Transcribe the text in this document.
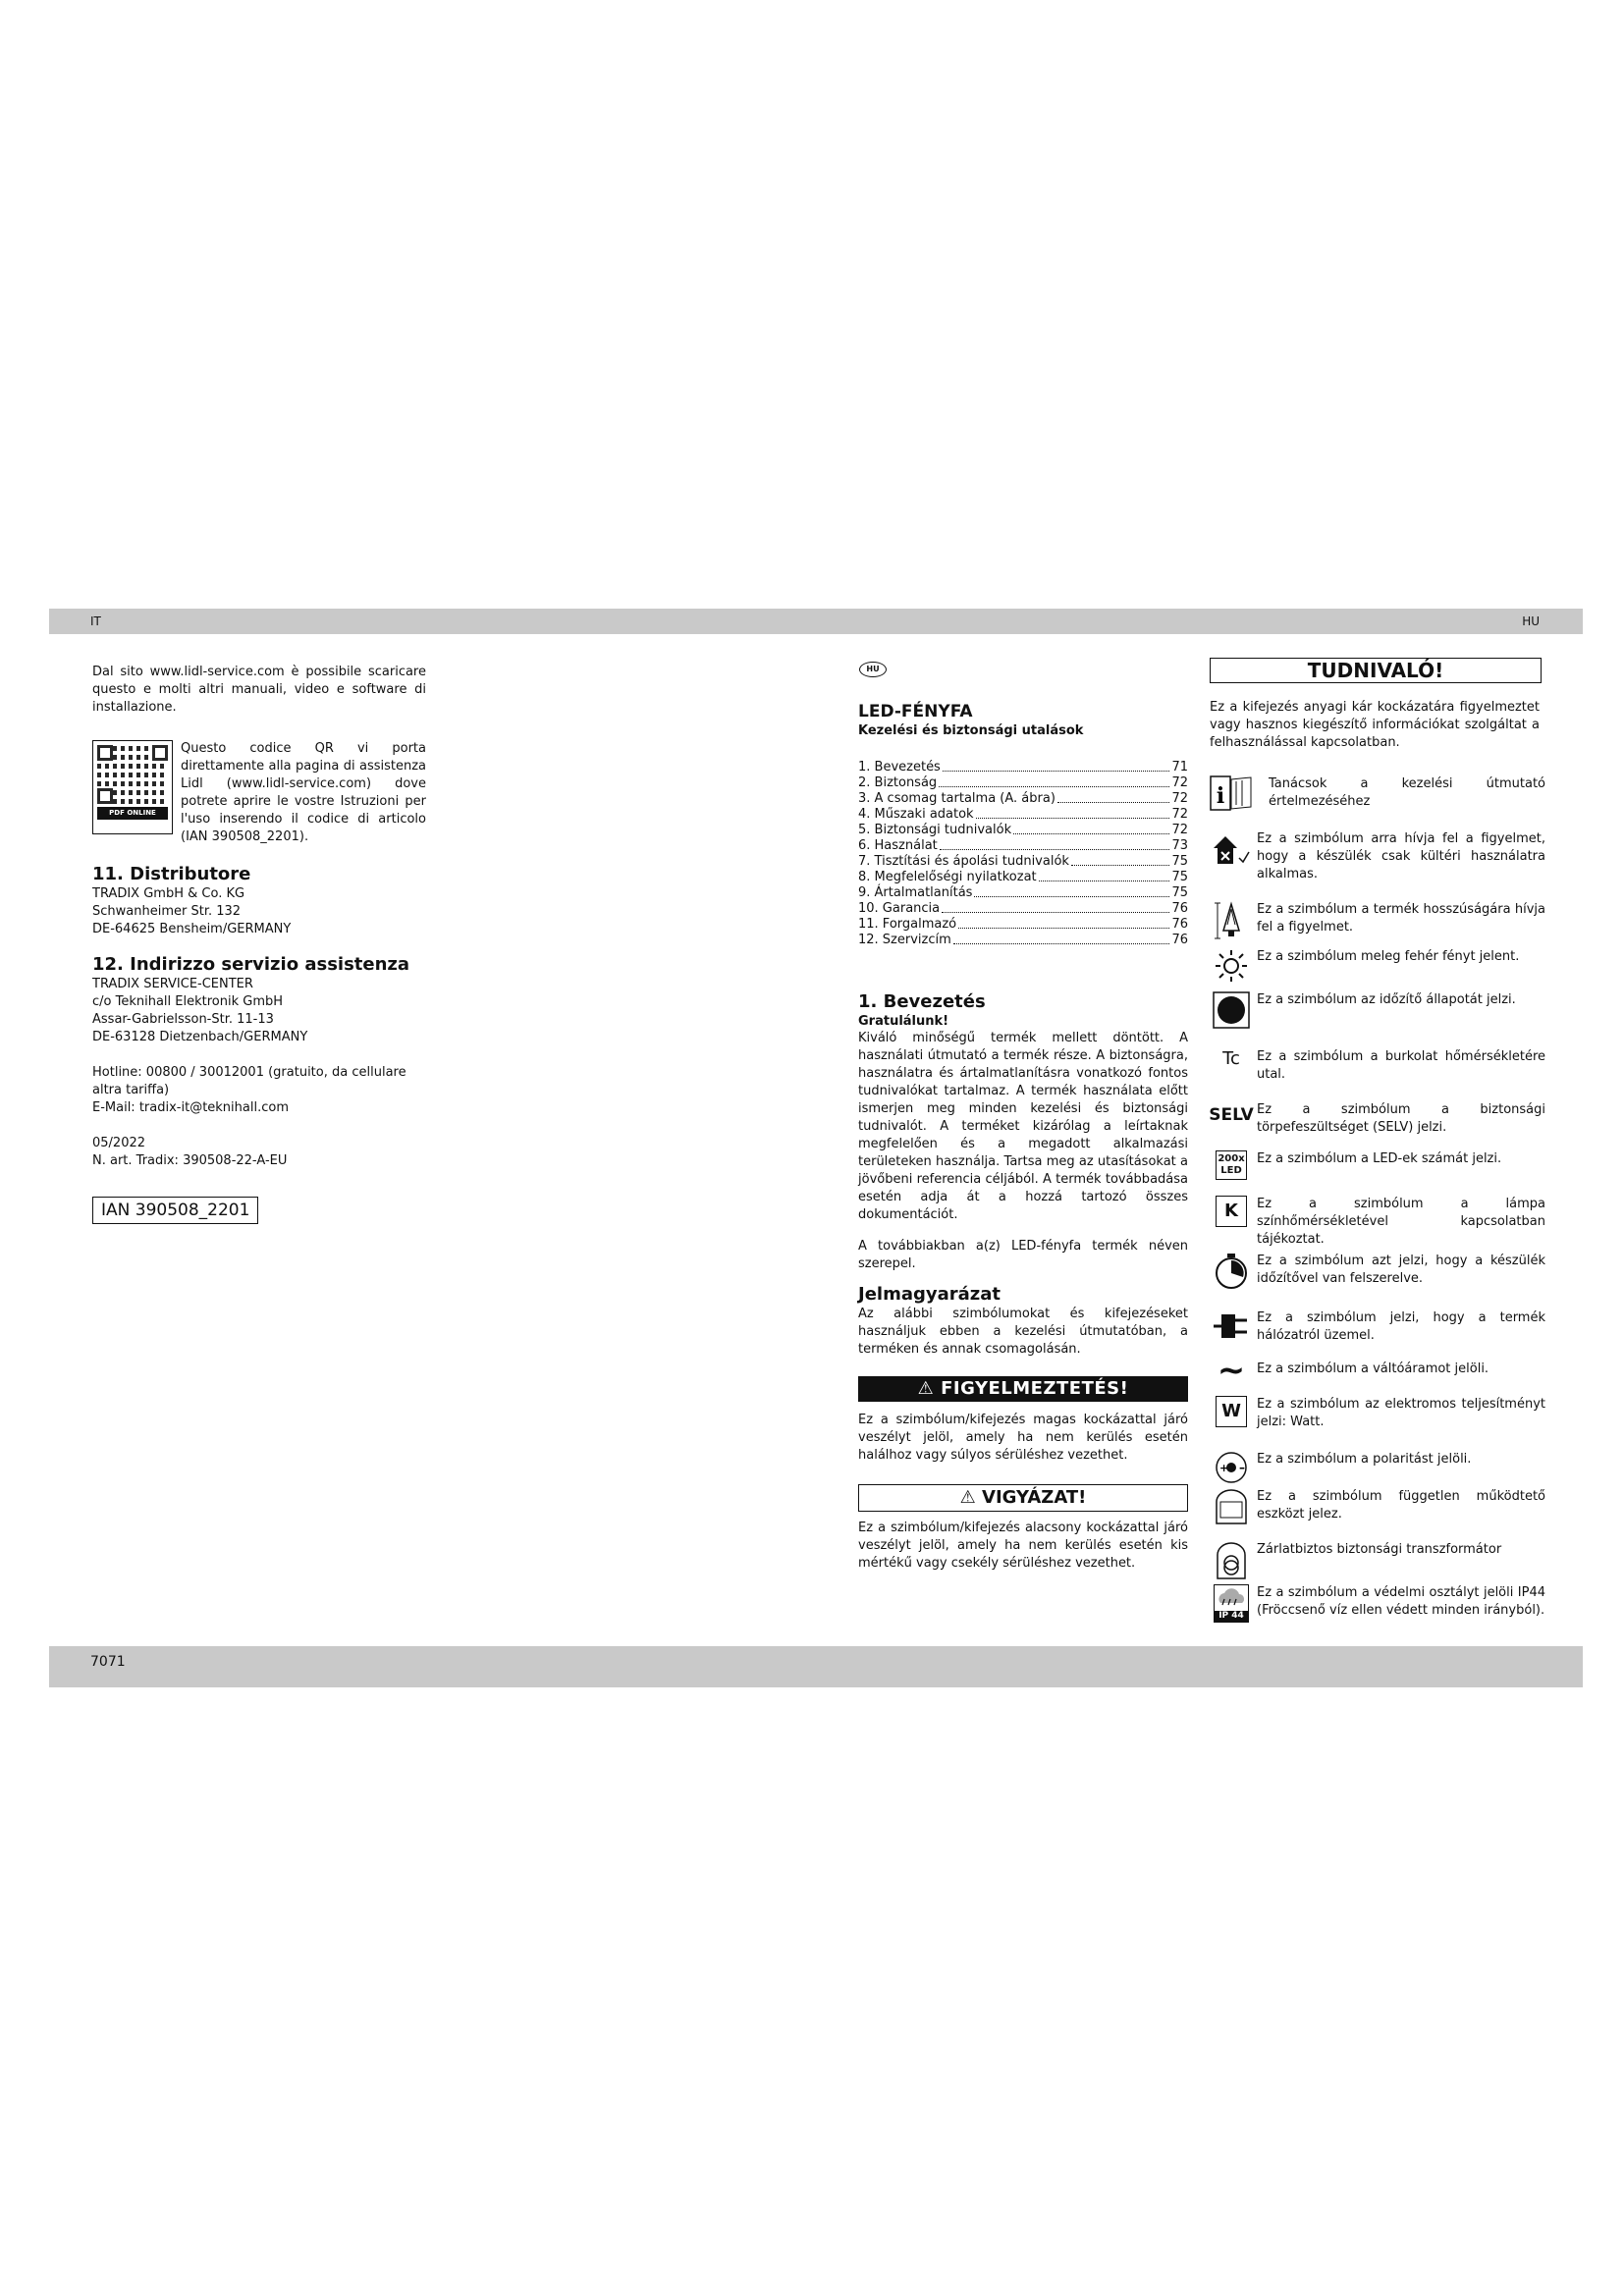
IT	HU
7071

Dal sito www.lidl-service.com è possibile scaricare questo e molti altri manuali, video e software di installazione.

PDF ONLINE

Questo codice QR vi porta direttamente alla pagina di assistenza Lidl (www.lidl-service.com) dove potrete aprire le vostre Istruzioni per l'uso inserendo il codice di articolo (IAN 390508_2201).

11. Distributore

TRADIX GmbH & Co. KG

Schwanheimer Str. 132

DE-64625 Bensheim/GERMANY

12. Indirizzo servizio assistenza

TRADIX SERVICE-CENTER

c/o Teknihall Elektronik GmbH

Assar-Gabrielsson-Str. 11-13

DE-63128 Dietzenbach/GERMANY

Hotline: 00800 / 30012001 (gratuito, da cellulare altra tariffa)

E-Mail: tradix-it@teknihall.com

05/2022

N. art. Tradix: 390508-22-A-EU

IAN 390508_2201
HU
LED-FÉNYFA
Kezelési és biztonsági utalások
1. Bevezetés	71
2. Biztonság	72
3. A csomag tartalma (A. ábra)	72
4. Műszaki adatok	72
5. Biztonsági tudnivalók	72
6. Használat	73
7. Tisztítási és ápolási tudnivalók	75
8. Megfelelőségi nyilatkozat	75
9. Ártalmatlanítás	75
10. Garancia	76
11. Forgalmazó	76
12. Szervizcím	76
1. Bevezetés
Gratulálunk!

Kiváló minőségű termék mellett döntött. A használati útmutató a termék része. A biztonságra, használatra és ártalmatlanításra vonatkozó fontos tudnivalókat tartalmaz. A termék használata előtt ismerjen meg minden kezelési és biztonsági tudnivalót. A terméket kizárólag a leírtaknak megfelelően és a megadott alkalmazási területeken használja. Tartsa meg az utasításokat a jövőbeni referencia céljából. A termék továbbadása esetén adja át a hozzá tartozó összes dokumentációt.

A továbbiakban a(z) LED-fényfa termék néven szerepel.

Jelmagyarázat

Az alábbi szimbólumokat és kifejezéseket használjuk ebben a kezelési útmutatóban, a terméken és annak csomagolásán.

⚠ FIGYELMEZTETÉS!

Ez a szimbólum/kifejezés magas kockázattal járó veszélyt jelöl, amely ha nem kerülés esetén halálhoz vagy súlyos sérüléshez vezethet.

⚠ VIGYÁZAT!

Ez a szimbólum/kifejezés alacsony kockázattal járó veszélyt jelöl, amely ha nem kerülés esetén kis mértékű vagy csekély sérüléshez vezethet.

TUDNIVALÓ!

Ez a kifejezés anyagi kár kockázatára figyelmeztet vagy hasznos kiegészítő információkat szolgáltat a felhasználással kapcsolatban.

i	Tanácsok a kezelési útmutató értelmezéséhez
Ez a szimbólum arra hívja fel a figyelmet, hogy a készülék csak kültéri használatra alkalmas.
Ez a szimbólum a termék hosszúságára hívja fel a figyelmet.
Ez a szimbólum meleg fehér fényt jelent.
Ez a szimbólum az időzítő állapotát jelzi.
Tc	Ez a szimbólum a burkolat hőmérsékletére utal.
SELV Ez a szimbólum a biztonsági törpefeszültséget (SELV) jelzi.
200x LED
Ez a szimbólum a LED-ek számát jelzi.
K	Ez a szimbólum a lámpa színhőmérsékletével kapcsolatban tájékoztat.
Ez a szimbólum azt jelzi, hogy a készülék időzítővel van felszerelve.
Ez a szimbólum jelzi, hogy a termék hálózatról üzemel.
~ Ez a szimbólum a váltóáramot jelöli.
W	Ez a szimbólum az elektromos teljesítményt jelzi: Watt.
+ –
Ez a szimbólum a polaritást jelöli.
Ez a szimbólum független működtető eszközt jelez.
Zárlatbiztos biztonsági transzformátor
IP 44
Ez a szimbólum a védelmi osztályt jelöli IP44 (Fröccsenő víz ellen védett minden irányból).
